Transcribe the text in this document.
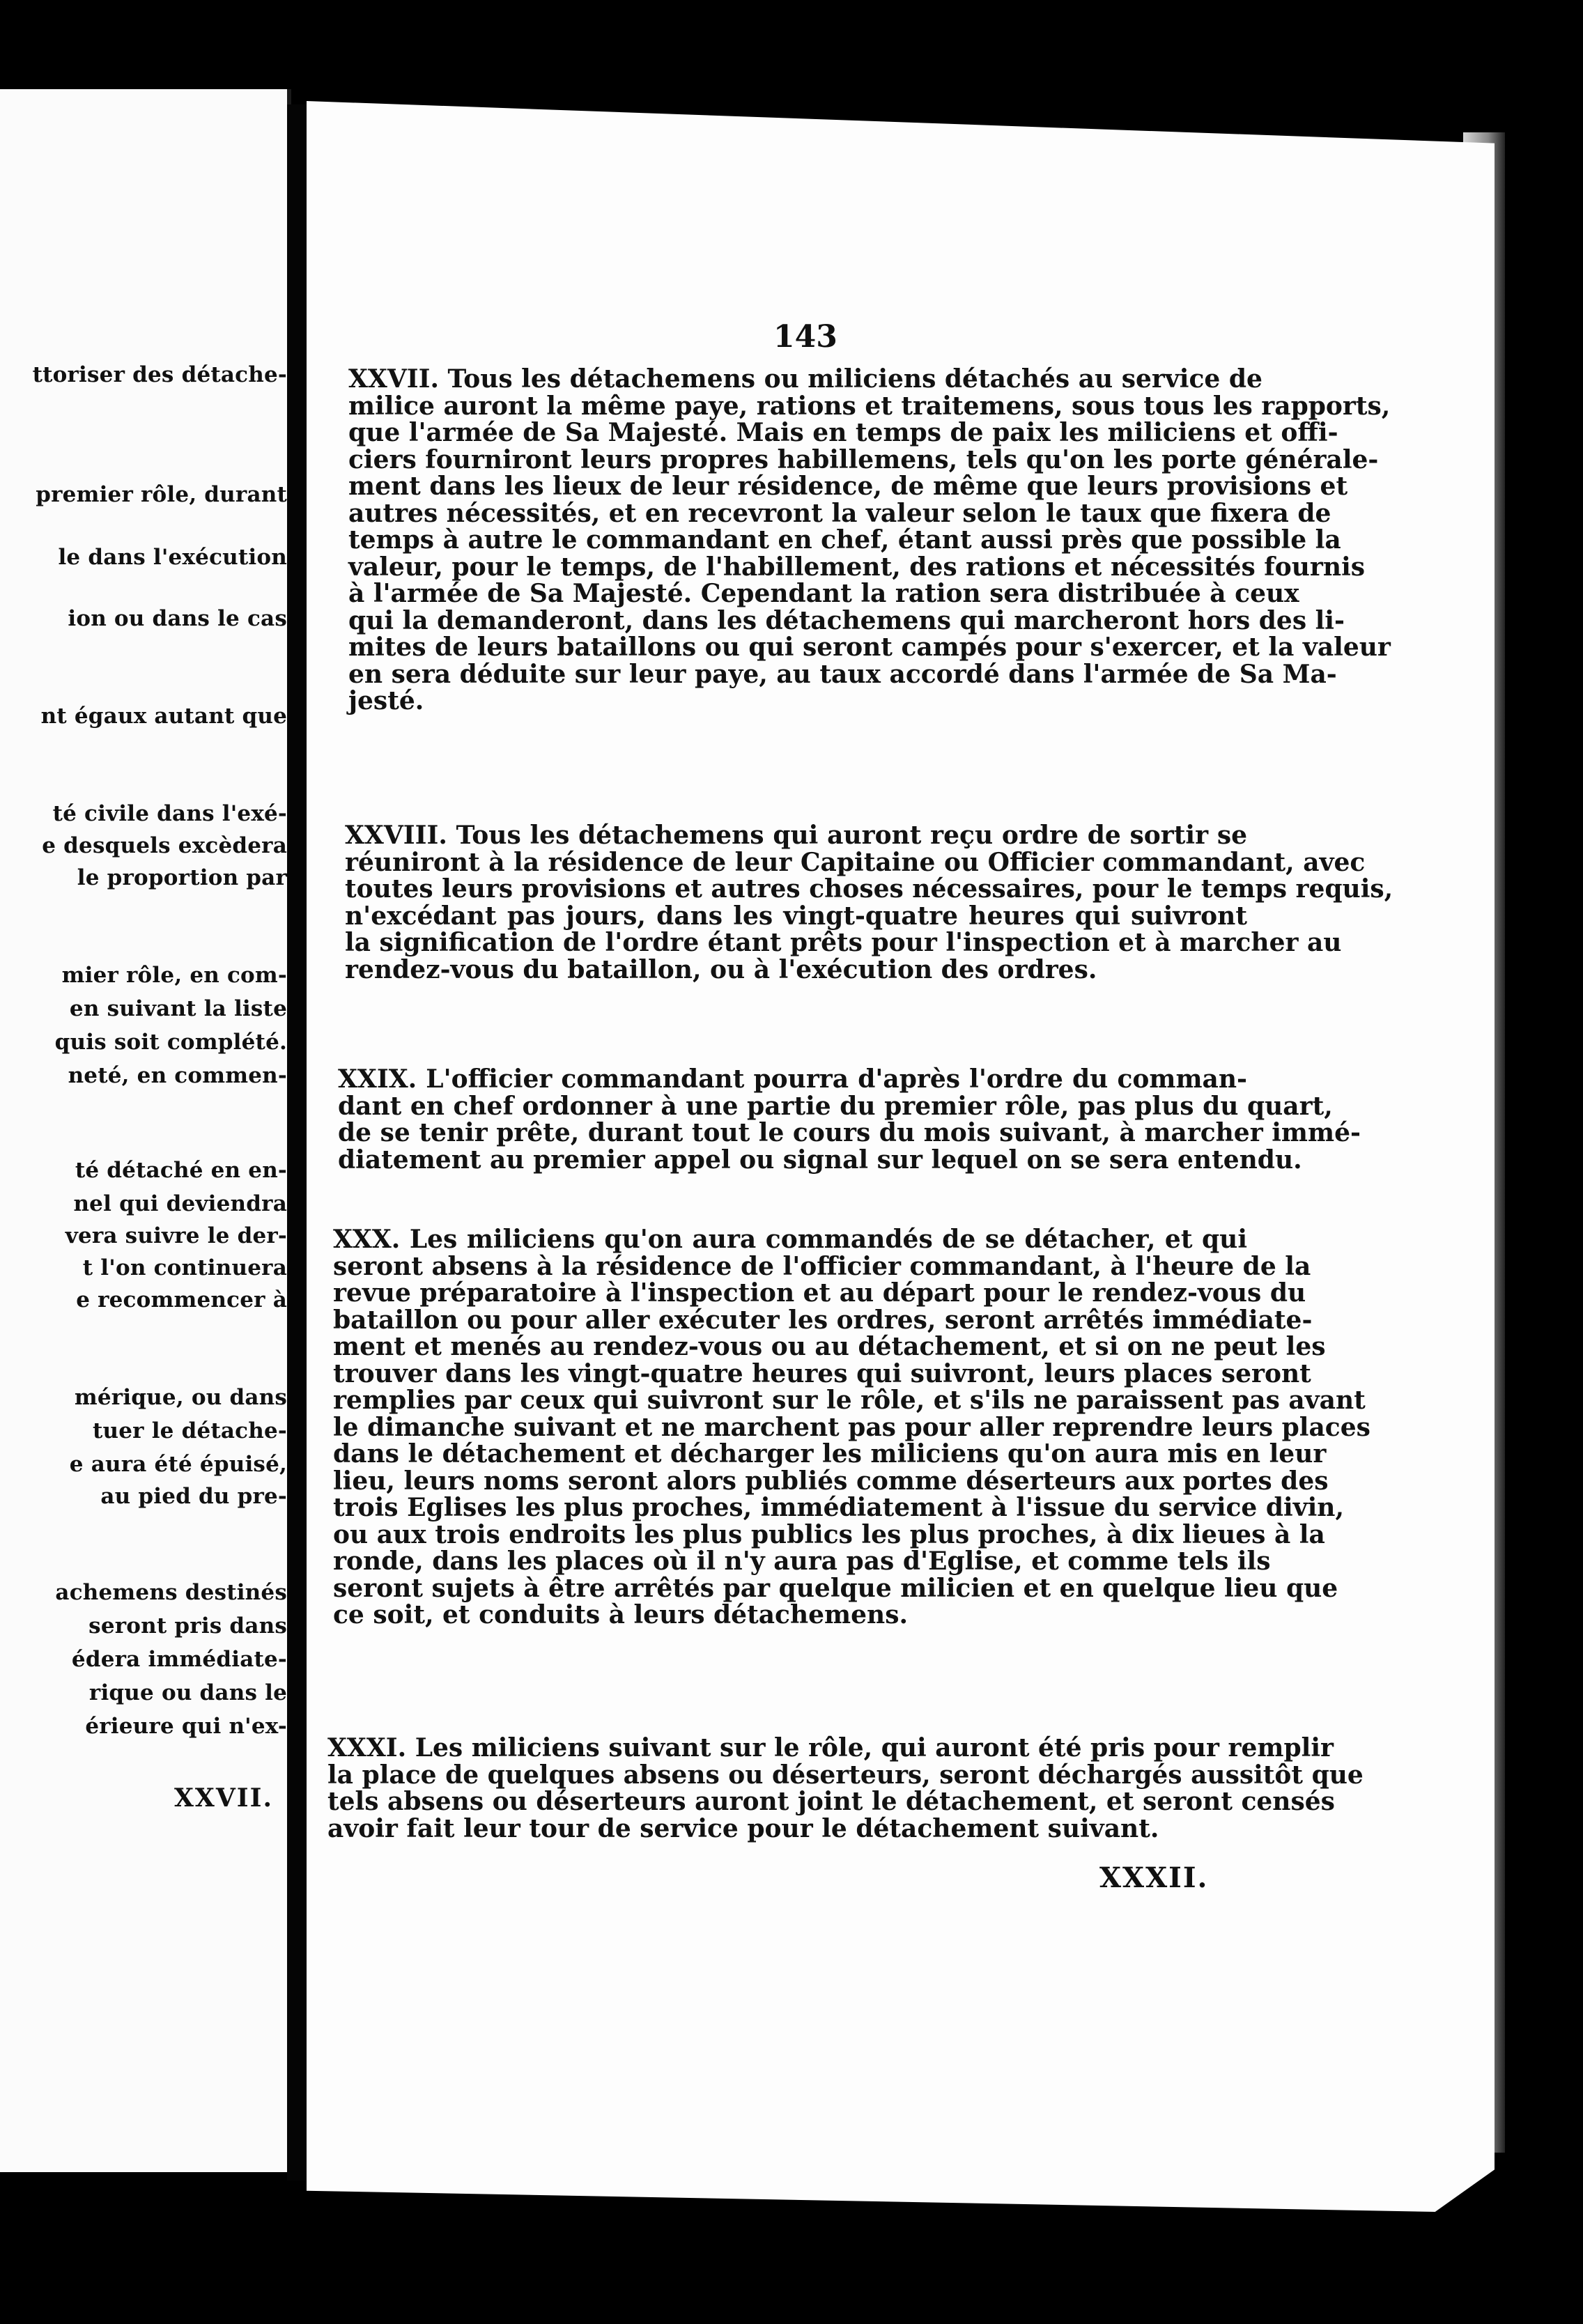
ttoriser des détache-
premier rôle, durant
le dans l'exécution
ion ou dans le cas
nt égaux autant que
té civile dans l'exé-
e desquels excèdera
le proportion par
mier rôle, en com-
en suivant la liste
quis soit complété.
neté, en commen-
té détaché en en-
nel qui deviendra
vera suivre le der-
t l'on continuera
e recommencer à
mérique, ou dans
tuer le détache-
e aura été épuisé,
au pied du pre-
achemens destinés
seront pris dans
édera immédiate-
rique ou dans le
érieure qui n'ex-
XXVII.
143
XXVII. Tous les détachemens ou miliciens détachés au service de
milice auront la même paye, rations et traitemens, sous tous les rapports,
que l'armée de Sa Majesté. Mais en temps de paix les miliciens et offi-
ciers fourniront leurs propres habillemens, tels qu'on les porte générale-
ment dans les lieux de leur résidence, de même que leurs provisions et
autres nécessités, et en recevront la valeur selon le taux que fixera de
temps à autre le commandant en chef, étant aussi près que possible la
valeur, pour le temps, de l'habillement, des rations et nécessités fournis
à l'armée de Sa Majesté. Cependant la ration sera distribuée à ceux
qui la demanderont, dans les détachemens qui marcheront hors des li-
mites de leurs bataillons ou qui seront campés pour s'exercer, et la valeur
en sera déduite sur leur paye, au taux accordé dans l'armée de Sa Ma-
jesté.
XXVIII. Tous les détachemens qui auront reçu ordre de sortir se
réuniront à la résidence de leur Capitaine ou Officier commandant, avec
toutes leurs provisions et autres choses nécessaires, pour le temps requis,
n'excédant pas jours, dans les vingt-quatre heures qui suivront
la signification de l'ordre étant prêts pour l'inspection et à marcher au
rendez-vous du bataillon, ou à l'exécution des ordres.
XXIX. L'officier commandant pourra d'après l'ordre du comman-
dant en chef ordonner à une partie du premier rôle, pas plus du quart,
de se tenir prête, durant tout le cours du mois suivant, à marcher immé-
diatement au premier appel ou signal sur lequel on se sera entendu.
XXX. Les miliciens qu'on aura commandés de se détacher, et qui
seront absens à la résidence de l'officier commandant, à l'heure de la
revue préparatoire à l'inspection et au départ pour le rendez-vous du
bataillon ou pour aller exécuter les ordres, seront arrêtés immédiate-
ment et menés au rendez-vous ou au détachement, et si on ne peut les
trouver dans les vingt-quatre heures qui suivront, leurs places seront
remplies par ceux qui suivront sur le rôle, et s'ils ne paraissent pas avant
le dimanche suivant et ne marchent pas pour aller reprendre leurs places
dans le détachement et décharger les miliciens qu'on aura mis en leur
lieu, leurs noms seront alors publiés comme déserteurs aux portes des
trois Eglises les plus proches, immédiatement à l'issue du service divin,
ou aux trois endroits les plus publics les plus proches, à dix lieues à la
ronde, dans les places où il n'y aura pas d'Eglise, et comme tels ils
seront sujets à être arrêtés par quelque milicien et en quelque lieu que
ce soit, et conduits à leurs détachemens.
XXXI. Les miliciens suivant sur le rôle, qui auront été pris pour remplir
la place de quelques absens ou déserteurs, seront déchargés aussitôt que
tels absens ou déserteurs auront joint le détachement, et seront censés
avoir fait leur tour de service pour le détachement suivant.
XXXII.
